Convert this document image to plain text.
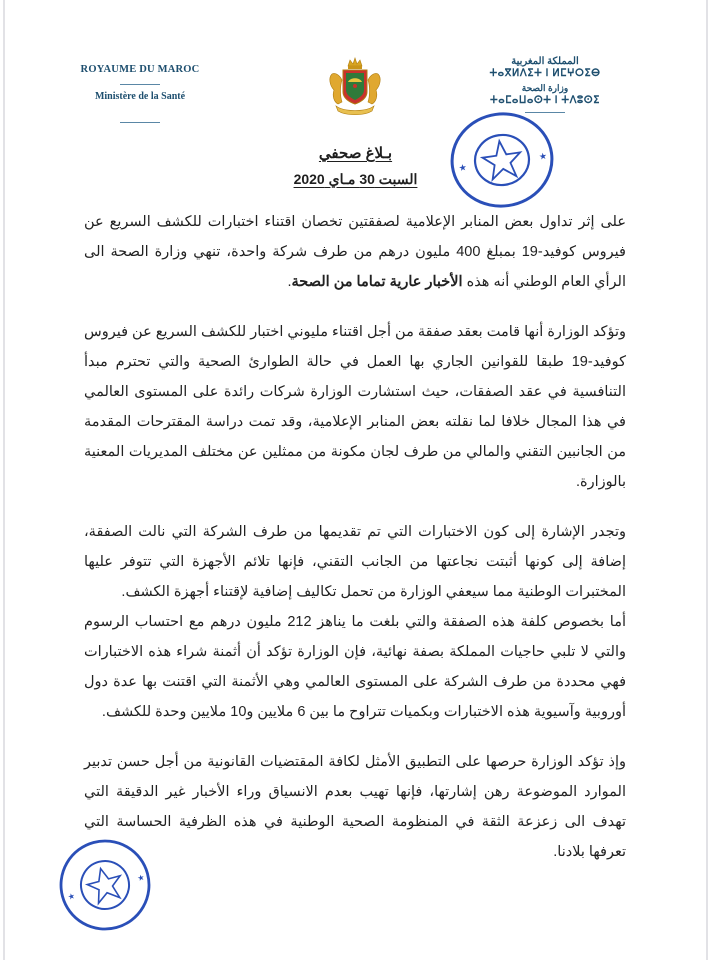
ROYAUME DU MAROC
Ministère de la Santé
المملكة المغربية
ⵜⴰⴳⵍⴷⵉⵜ ⵏ ⵍⵎⵖⵔⵉⴱ
وزارة الصحة
ⵜⴰⵎⴰⵡⴰⵙⵜ ⵏ ⵜⴷⵓⵙⵉ
★
★
بـلاغ صحفي
السبت 30 مـاي 2020

على إثر تداول بعض المنابر الإعلامية لصفقتين تخصان اقتناء اختبارات للكشف السريع عن فيروس كوفيد-19 بمبلغ 400 مليون درهم من طرف شركة واحدة، تنهي وزارة الصحة الى الرأي العام الوطني أنه هذه الأخبار عارية تماما من الصحة.

وتؤكد الوزارة أنها قامت بعقد صفقة من أجل اقتناء مليوني اختبار للكشف السريع عن فيروس كوفيد-19 طبقا للقوانين الجاري بها العمل في حالة الطوارئ الصحية والتي تحترم مبدأ التنافسية في عقد الصفقات، حيث استشارت الوزارة شركات رائدة على المستوى العالمي في هذا المجال خلافا لما نقلته بعض المنابر الإعلامية، وقد تمت دراسة المقترحات المقدمة من الجانبين التقني والمالي من طرف لجان مكونة من ممثلين عن مختلف المديريات المعنية بالوزارة.

وتجدر الإشارة إلى كون الاختبارات التي تم تقديمها من طرف الشركة التي نالت الصفقة، إضافة إلى كونها أثبتت نجاعتها من الجانب التقني، فإنها تلائم الأجهزة التي تتوفر عليها المختبرات الوطنية مما سيعفي الوزارة من تحمل تكاليف إضافية لإقتناء أجهزة الكشف.

أما بخصوص كلفة هذه الصفقة والتي بلغت ما يناهز 212 مليون درهم مع احتساب الرسوم والتي لا تلبي حاجيات المملكة بصفة نهائية، فإن الوزارة تؤكد أن أثمنة شراء هذه الاختبارات فهي محددة من طرف الشركة على المستوى العالمي وهي الأثمنة التي اقتنت بها عدة دول أوروبية وآسيوية هذه الاختبارات وبكميات تتراوح ما بين 6 ملايين و10 ملايين وحدة للكشف.

وإذ تؤكد الوزارة حرصها على التطبيق الأمثل لكافة المقتضيات القانونية من أجل حسن تدبير الموارد الموضوعة رهن إشارتها، فإنها تهيب بعدم الانسياق وراء الأخبار غير الدقيقة التي تهدف الى زعزعة الثقة في المنظومة الصحية الوطنية في هذه الظرفية الحساسة التي تعرفها بلادنا.

★
★
